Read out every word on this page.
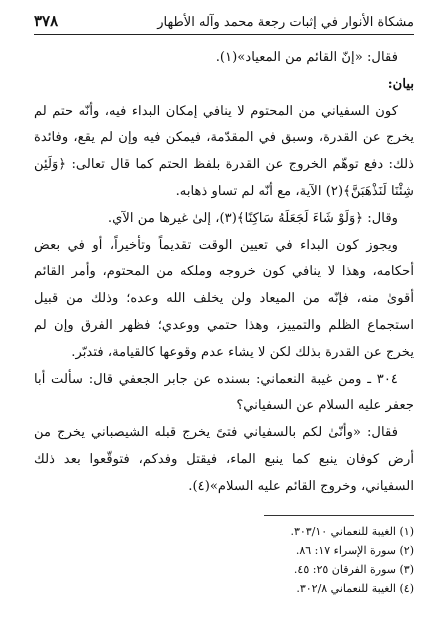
مشكاة الأنوار في إثبات رجعة محمد وآله الأطهار
٣٧٨

فقال: «إنّ القائم من المعياد»(١).

بيان:

كون السفياني من المحتوم لا ينافي إمكان البداء فيه، وأنّه حتم لم يخرج عن القدرة، وسبق في المقدّمة، فيمكن فيه وإن لم يقع، وفائدة ذلك: دفع توهّم الخروج عن القدرة بلفظ الحتم كما قال تعالى: ﴿وَلَئِن شِئْنَا لَنَذْهَبَنَّ﴾(٢) الآية، مع أنّه لم تساو ذهابه.

وقال: ﴿وَلَوْ شَاءَ لَجَعَلَهُ سَاكِنًا﴾(٣)، إلىٰ غيرها من الآي.

ويجوز كون البداء في تعيين الوقت تقديماً وتأخيراً، أو في بعض أحكامه، وهذا لا ينافي كون خروجه وملكه من المحتوم، وأمر القائم أقوىٰ منه، فإنّه من الميعاد ولن يخلف الله وعده؛ وذلك من قبيل استجماع الظلم والتمييز، وهذا حتمي ووعدي؛ فظهر الفرق وإن لم يخرج عن القدرة بذلك لكن لا يشاء عدم وقوعها كالقيامة، فتدبّر.

٣٠٤ ـ ومن غيبة النعماني: بسنده عن جابر الجعفي قال: سألت أبا جعفر عليه السلام عن السفياني؟

فقال: «وأنّىٰ لكم بالسفياني فتىً يخرج قبله الشيصباني يخرج من أرض كوفان ينبع كما ينبع الماء، فيقتل وفدكم، فتوقّعوا بعد ذلك السفياني، وخروج القائم عليه السلام»(٤).

(١) الغيبة للنعماني ٣٠٣/١٠.
(٢) سورة الإسراء ١٧: ٨٦.
(٣) سورة الفرقان ٢٥: ٤٥.
(٤) الغيبة للنعماني ٣٠٢/٨.
